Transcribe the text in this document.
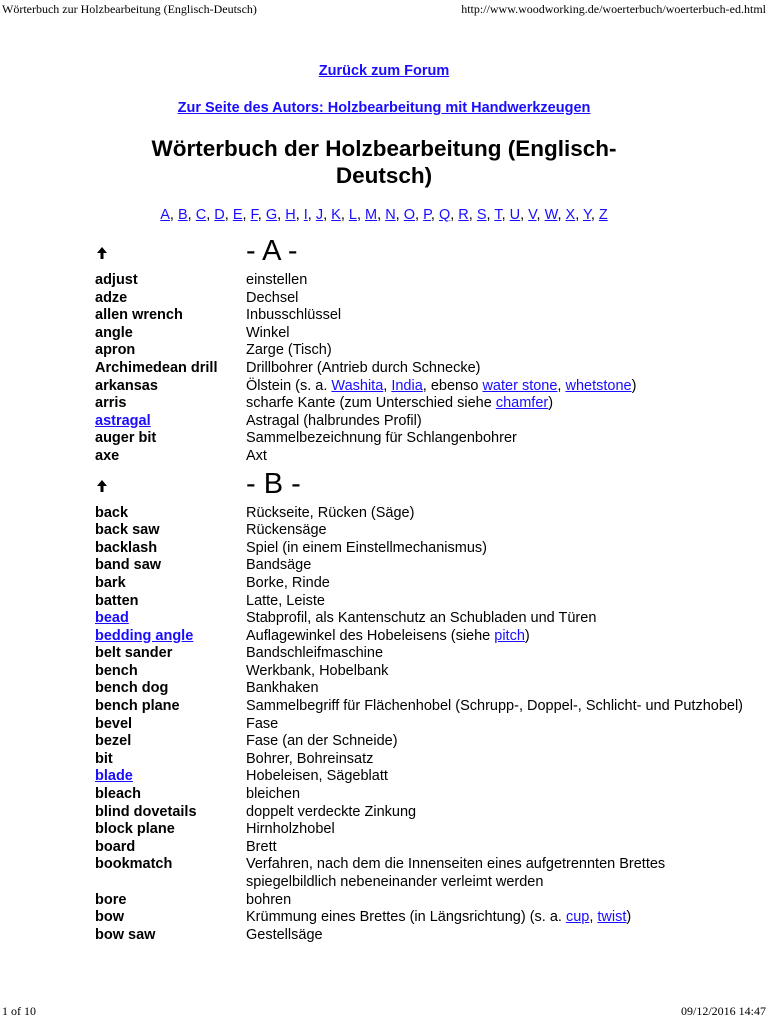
Wörterbuch zur Holzbearbeitung (Englisch-Deutsch)	http://www.woodworking.de/woerterbuch/woerterbuch-ed.html
Zurück zum Forum
Zur Seite des Autors: Holzbearbeitung mit Handwerkzeugen
Wörterbuch der Holzbearbeitung (Englisch-
Deutsch)
A, B, C, D, E, F, G, H, I, J, K, L, M, N, O, P, Q, R, S, T, U, V, W, X, Y, Z
- A -
adjust	einstellen
adze	Dechsel
allen wrench	Inbusschlüssel
angle	Winkel
apron	Zarge (Tisch)
Archimedean drill	Drillbohrer (Antrieb durch Schnecke)
arkansas	Ölstein (s. a. Washita, India, ebenso water stone, whetstone)
arris	scharfe Kante (zum Unterschied siehe chamfer)
astragal	Astragal (halbrundes Profil)
auger bit	Sammelbezeichnung für Schlangenbohrer
axe	Axt
- B -
back	Rückseite, Rücken (Säge)
back saw	Rückensäge
backlash	Spiel (in einem Einstellmechanismus)
band saw	Bandsäge
bark	Borke, Rinde
batten	Latte, Leiste
bead	Stabprofil, als Kantenschutz an Schubladen und Türen
bedding angle	Auflagewinkel des Hobeleisens (siehe pitch)
belt sander	Bandschleifmaschine
bench	Werkbank, Hobelbank
bench dog	Bankhaken
bench plane	Sammelbegriff für Flächenhobel (Schrupp-, Doppel-, Schlicht- und Putzhobel)
bevel	Fase
bezel	Fase (an der Schneide)
bit	Bohrer, Bohreinsatz
blade	Hobeleisen, Sägeblatt
bleach	bleichen
blind dovetails	doppelt verdeckte Zinkung
block plane	Hirnholzhobel
board	Brett
bookmatch	Verfahren, nach dem die Innenseiten eines aufgetrennten Brettes spiegelbildlich nebeneinander verleimt werden
bore	bohren
bow	Krümmung eines Brettes (in Längsrichtung) (s. a. cup, twist)
bow saw	Gestellsäge
1 of 10	09/12/2016 14:47
